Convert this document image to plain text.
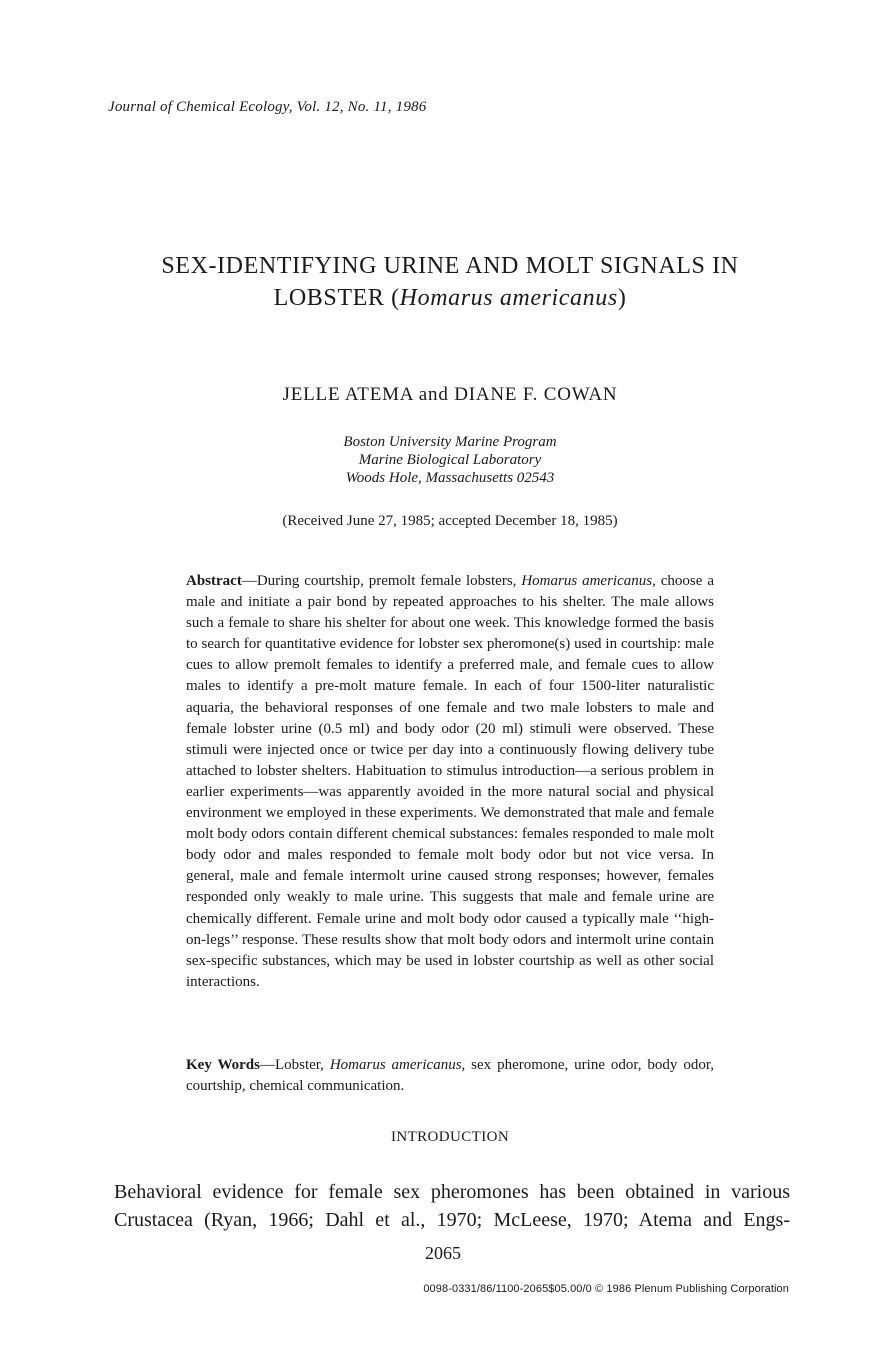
Journal of Chemical Ecology, Vol. 12, No. 11, 1986
SEX-IDENTIFYING URINE AND MOLT SIGNALS IN
LOBSTER (Homarus americanus)
JELLE ATEMA and DIANE F. COWAN
Boston University Marine Program
Marine Biological Laboratory
Woods Hole, Massachusetts 02543
(Received June 27, 1985; accepted December 18, 1985)
Abstract—During courtship, premolt female lobsters, Homarus americanus, choose a male and initiate a pair bond by repeated approaches to his shelter. The male allows such a female to share his shelter for about one week. This knowledge formed the basis to search for quantitative evidence for lobster sex pheromone(s) used in courtship: male cues to allow premolt females to identify a preferred male, and female cues to allow males to identify a pre-molt mature female. In each of four 1500-liter naturalistic aquaria, the behavioral responses of one female and two male lobsters to male and female lobster urine (0.5 ml) and body odor (20 ml) stimuli were observed. These stimuli were injected once or twice per day into a continuously flowing delivery tube attached to lobster shelters. Habituation to stimulus introduction—a serious problem in earlier experiments—was apparently avoided in the more natural social and physical environment we employed in these experiments. We demonstrated that male and female molt body odors contain different chemical substances: females responded to male molt body odor and males responded to female molt body odor but not vice versa. In general, male and female intermolt urine caused strong responses; however, females responded only weakly to male urine. This suggests that male and female urine are chemically different. Female urine and molt body odor caused a typically male ‘‘high-on-legs’’ response. These results show that molt body odors and intermolt urine contain sex-specific substances, which may be used in lobster courtship as well as other social interactions.
Key Words—Lobster, Homarus americanus, sex pheromone, urine odor, body odor, courtship, chemical communication.
INTRODUCTION
Behavioral evidence for female sex pheromones has been obtained in various Crustacea (Ryan, 1966; Dahl et al., 1970; McLeese, 1970; Atema and Engs-
2065
0098-0331/86/1100-2065$05.00/0 © 1986 Plenum Publishing Corporation
